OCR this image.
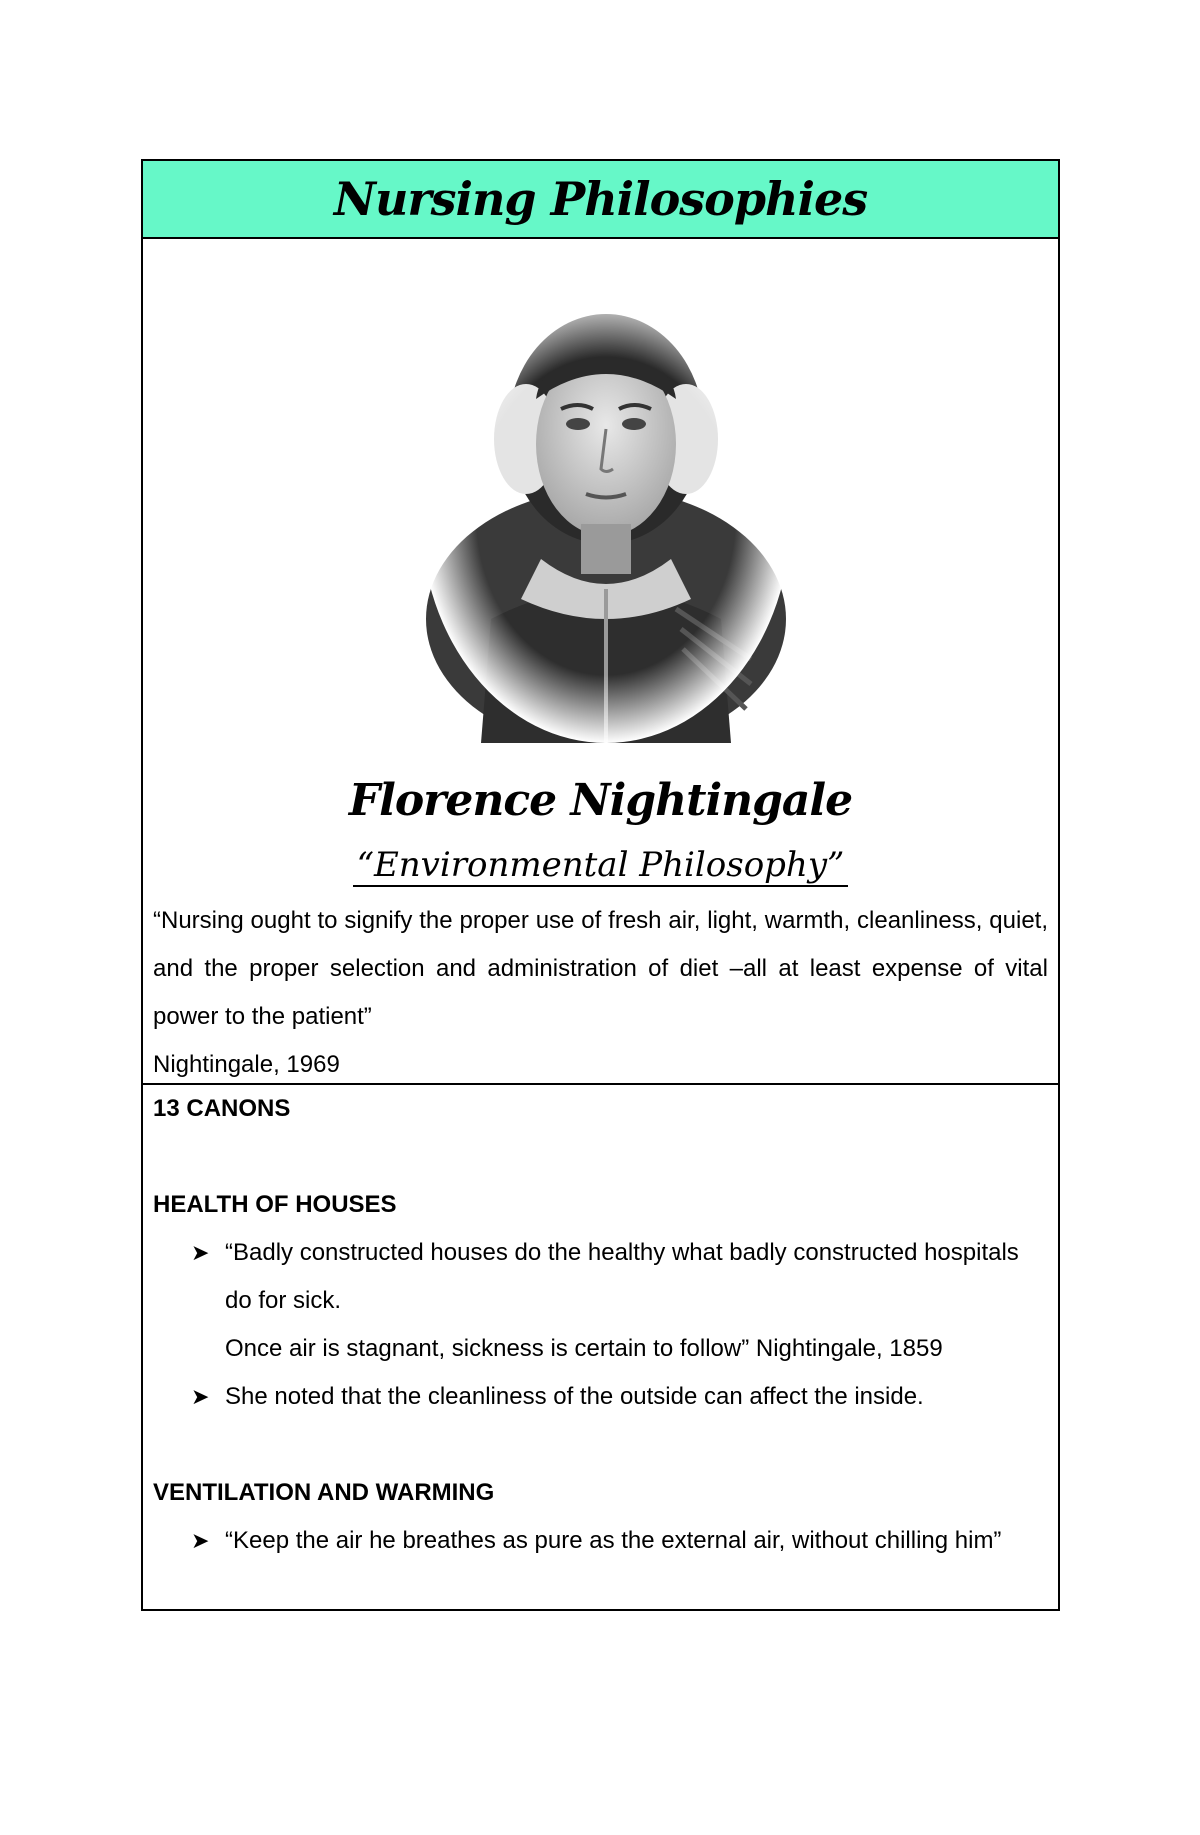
Nursing Philosophies
Florence Nightingale
“Environmental Philosophy”

“Nursing ought to signify the proper use of fresh air, light, warmth, cleanliness, quiet, and the proper selection and administration of diet –all at least expense of vital power to the patient”

Nightingale, 1969

13 CANONS

HEALTH OF HOUSES

➤ “Badly constructed houses do the healthy what badly constructed hospitals do for sick.
Once air is stagnant, sickness is certain to follow” Nightingale, 1859
➤ She noted that the cleanliness of the outside can affect the inside.

VENTILATION AND WARMING

➤ “Keep the air he breathes as pure as the external air, without chilling him”
